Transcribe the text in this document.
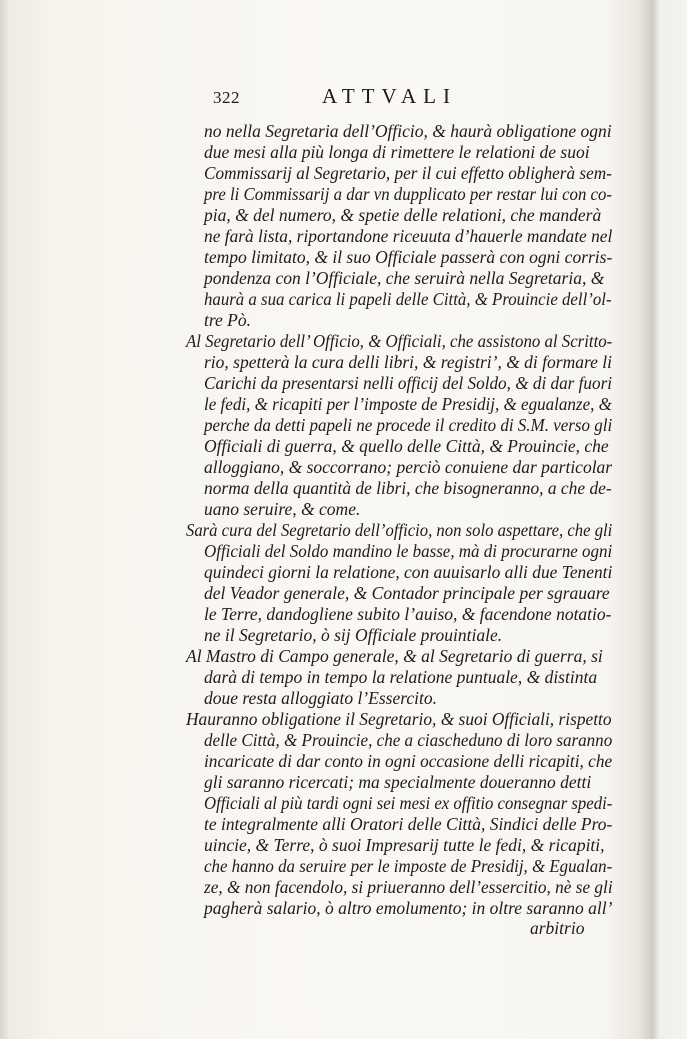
322	ATTVALI
no nella Segretaria dell’Officio, & haurà obligatione ogni
due mesi alla più longa di rimettere le relationi de suoi
Commissarij al Segretario, per il cui effetto obligherà sem-
pre li Commissarij a dar vn dupplicato per restar lui con co-
pia, & del numero, & spetie delle relationi, che manderà
ne farà lista, riportandone riceuuta d’hauerle mandate nel
tempo limitato, & il suo Officiale passerà con ogni corris-
pondenza con l’Officiale, che seruirà nella Segretaria, &
haurà a sua carica li papeli delle Città, & Prouincie dell’ol-
tre Pò.
Al Segretario dell’ Officio, & Officiali, che assistono al Scritto-
rio, spetterà la cura delli libri, & registri’, & di formare li
Carichi da presentarsi nelli officij del Soldo, & di dar fuori
le fedi, & ricapiti per l’imposte de Presidij, & egualanze, &
perche da detti papeli ne procede il credito di S.M. verso gli
Officiali di guerra, & quello delle Città, & Prouincie, che
alloggiano, & soccorrano; perciò conuiene dar particolar
norma della quantità de libri, che bisogneranno, a che de-
uano seruire, & come.
Sarà cura del Segretario dell’officio, non solo aspettare, che gli
Officiali del Soldo mandino le basse, mà di procurarne ogni
quindeci giorni la relatione, con auuisarlo alli due Tenenti
del Veador generale, & Contador principale per sgrauare
le Terre, dandogliene subito l’auiso, & facendone notatio-
ne il Segretario, ò sij Officiale prouintiale.
Al Mastro di Campo generale, & al Segretario di guerra, si
darà di tempo in tempo la relatione puntuale, & distinta
doue resta alloggiato l’Essercito.
Hauranno obligatione il Segretario, & suoi Officiali, rispetto
delle Città, & Prouincie, che a ciascheduno di loro saranno
incaricate di dar conto in ogni occasione delli ricapiti, che
gli saranno ricercati; ma specialmente doueranno detti
Officiali al più tardi ogni sei mesi ex offitio consegnar spedi-
te integralmente alli Oratori delle Città, Sindici delle Pro-
uincie, & Terre, ò suoi Impresarij tutte le fedi, & ricapiti,
che hanno da seruire per le imposte de Presidij, & Egualan-
ze, & non facendolo, si priueranno dell’essercitio, nè se gli
pagherà salario, ò altro emolumento; in oltre saranno all’
arbitrio
